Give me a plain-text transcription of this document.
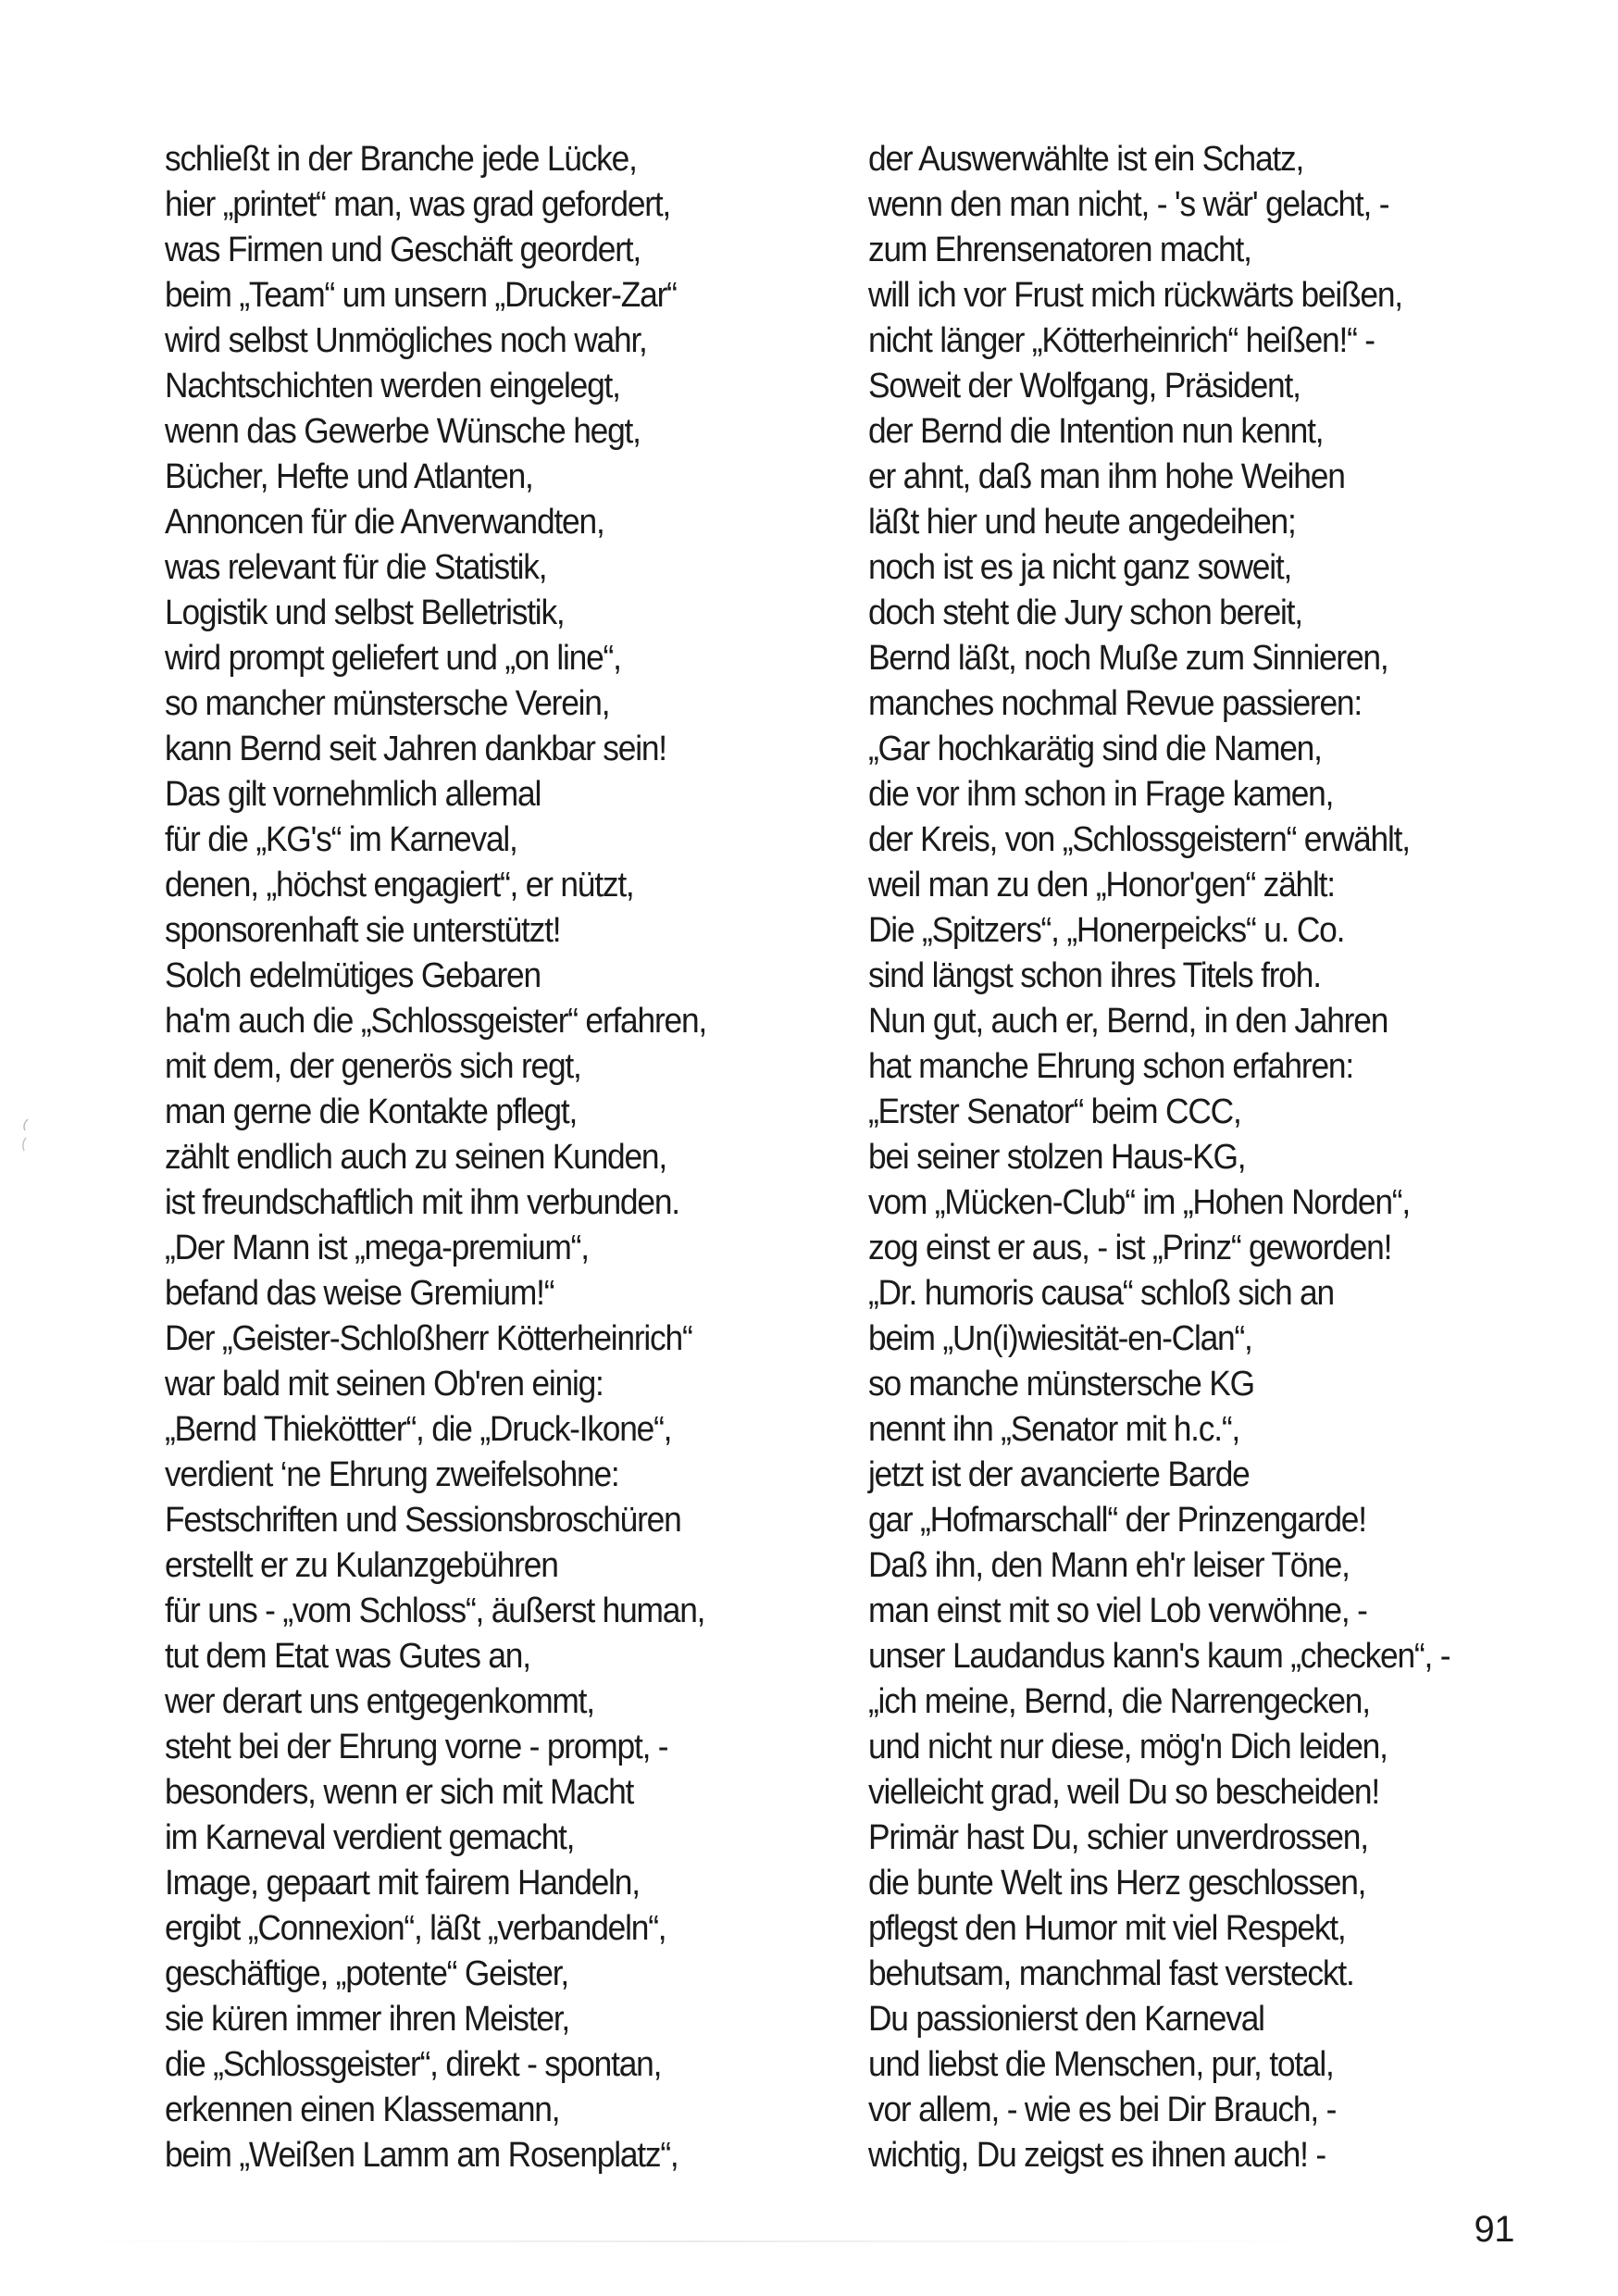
schließt in der Branche jede Lücke,
hier „printet“ man, was grad gefordert,
was Firmen und Geschäft geordert,
beim „Team“ um unsern „Drucker-Zar“
wird selbst Unmögliches noch wahr,
Nachtschichten werden eingelegt,
wenn das Gewerbe Wünsche hegt,
Bücher, Hefte und Atlanten,
Annoncen für die Anverwandten,
was relevant für die Statistik,
Logistik und selbst Belletristik,
wird prompt geliefert und „on line“,
so mancher münstersche Verein,
kann Bernd seit Jahren dankbar sein!
Das gilt vornehmlich allemal
für die „KG's“ im Karneval,
denen, „höchst engagiert“, er nützt,
sponsorenhaft sie unterstützt!
Solch edelmütiges Gebaren
ha'm auch die „Schlossgeister“ erfahren,
mit dem, der generös sich regt,
man gerne die Kontakte pflegt,
zählt endlich auch zu seinen Kunden,
ist freundschaftlich mit ihm verbunden.
„Der Mann ist „mega-premium“,
befand das weise Gremium!“
Der „Geister-Schloßherr Kötterheinrich“
war bald mit seinen Ob'ren einig:
„Bernd Thieköttter“, die „Druck-Ikone“,
verdient ‘ne Ehrung zweifelsohne:
Festschriften und Sessionsbroschüren
erstellt er zu Kulanzgebühren
für uns - „vom Schloss“, äußerst human,
tut dem Etat was Gutes an,
wer derart uns entgegenkommt,
steht bei der Ehrung vorne - prompt, -
besonders, wenn er sich mit Macht
im Karneval verdient gemacht,
Image, gepaart mit fairem Handeln,
ergibt „Connexion“, läßt „verbandeln“,
geschäftige, „potente“ Geister,
sie küren immer ihren Meister,
die „Schlossgeister“, direkt - spontan,
erkennen einen Klassemann,
beim „Weißen Lamm am Rosenplatz“,
der Auswerwählte ist ein Schatz,
wenn den man nicht, - 's wär' gelacht, -
zum Ehrensenatoren macht,
will ich vor Frust mich rückwärts beißen,
nicht länger „Kötterheinrich“ heißen!“ -
Soweit der Wolfgang, Präsident,
der Bernd die Intention nun kennt,
er ahnt, daß man ihm hohe Weihen
läßt hier und heute angedeihen;
noch ist es ja nicht ganz soweit,
doch steht die Jury schon bereit,
Bernd läßt, noch Muße zum Sinnieren,
manches nochmal Revue passieren:
„Gar hochkarätig sind die Namen,
die vor ihm schon in Frage kamen,
der Kreis, von „Schlossgeistern“ erwählt,
weil man zu den „Honor'gen“ zählt:
Die „Spitzers“, „Honerpeicks“ u. Co.
sind längst schon ihres Titels froh.
Nun gut, auch er, Bernd, in den Jahren
hat manche Ehrung schon erfahren:
„Erster Senator“ beim CCC,
bei seiner stolzen Haus-KG,
vom „Mücken-Club“ im „Hohen Norden“,
zog einst er aus, - ist „Prinz“ geworden!
„Dr. humoris causa“ schloß sich an
beim „Un(i)wiesität-en-Clan“,
so manche münstersche KG
nennt ihn „Senator mit h.c.“,
jetzt ist der avancierte Barde
gar „Hofmarschall“ der Prinzengarde!
Daß ihn, den Mann eh'r leiser Töne,
man einst mit so viel Lob verwöhne, -
unser Laudandus kann's kaum „checken“, -
„ich meine, Bernd, die Narrengecken,
und nicht nur diese, mög'n Dich leiden,
vielleicht grad, weil Du so bescheiden!
Primär hast Du, schier unverdrossen,
die bunte Welt ins Herz geschlossen,
pflegst den Humor mit viel Respekt,
behutsam, manchmal fast versteckt.
Du passionierst den Karneval
und liebst die Menschen, pur, total,
vor allem, - wie es bei Dir Brauch, -
wichtig, Du zeigst es ihnen auch! -
91
